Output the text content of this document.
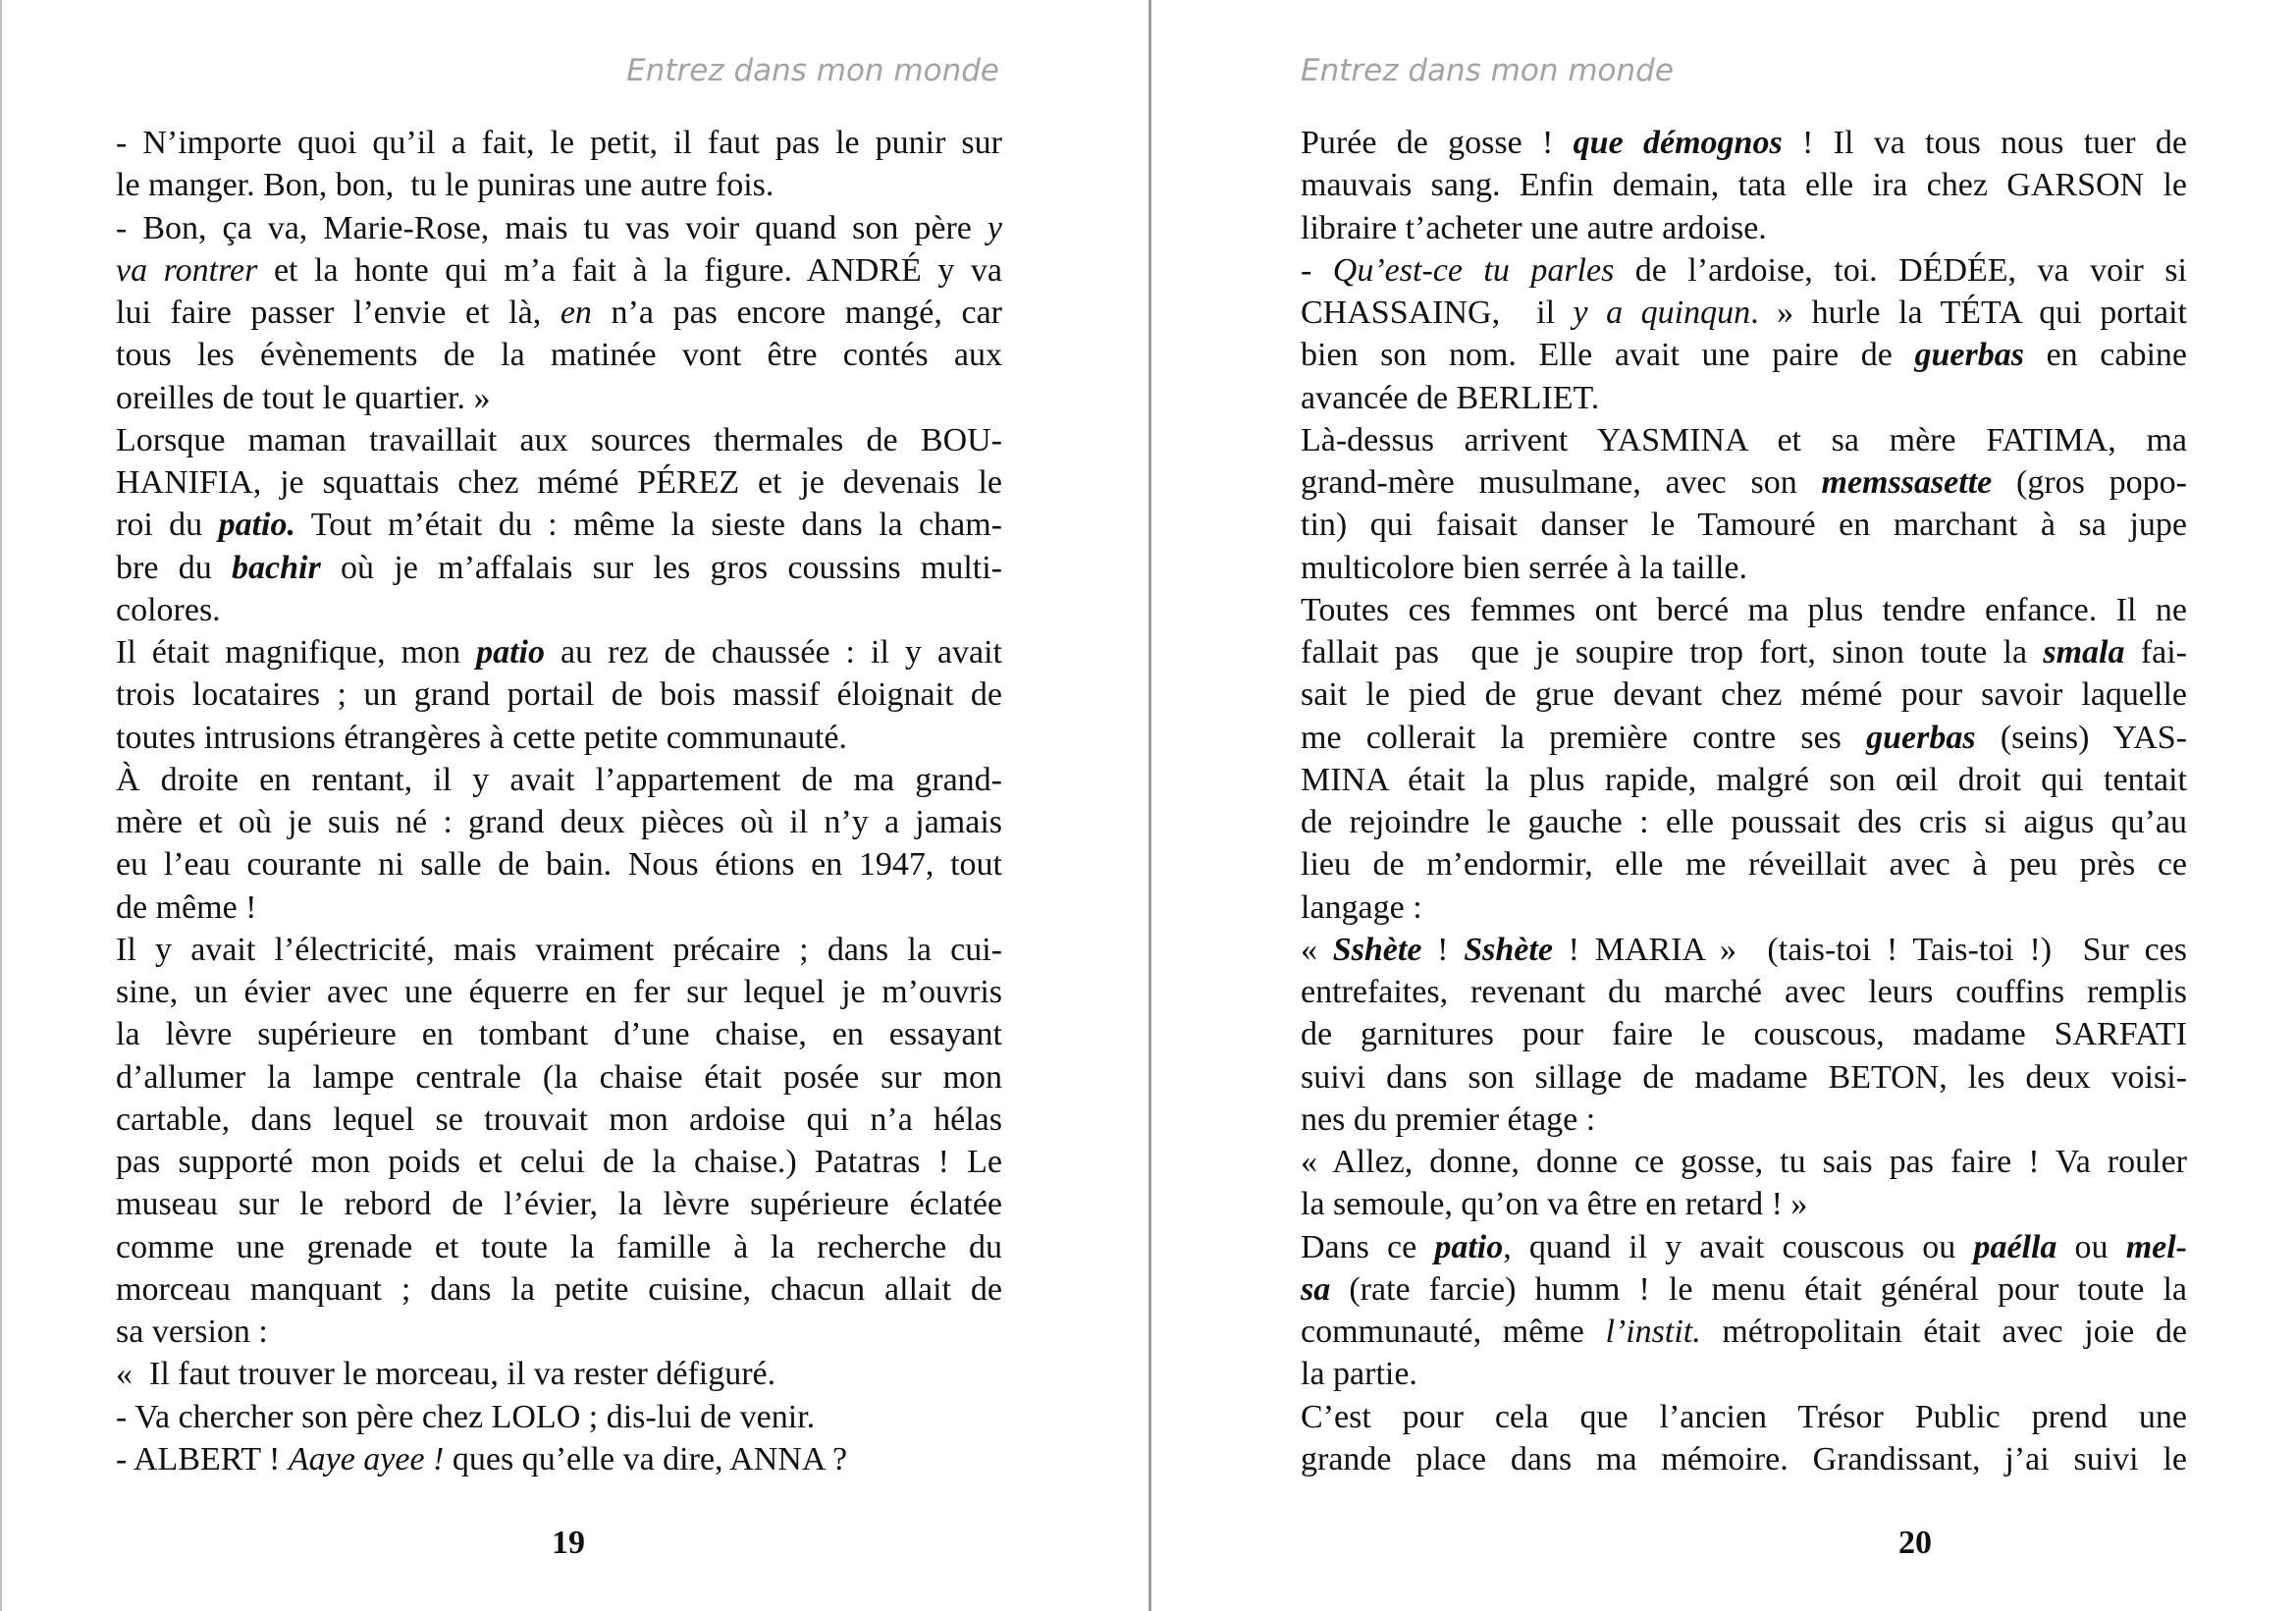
Entrez dans mon monde
- N’importe quoi qu’il a fait, le petit, il faut pas le punir sur
le manger. Bon, bon,  tu le puniras une autre fois.
- Bon, ça va, Marie-Rose, mais tu vas voir quand son père y
va rontrer et la honte qui m’a fait à la figure. ANDRÉ y va
lui faire passer l’envie et là, en n’a pas encore mangé, car
tous les évènements de la matinée vont être contés aux
oreilles de tout le quartier. »
Lorsque maman travaillait aux sources thermales de BOU-
HANIFIA, je squattais chez mémé PÉREZ et je devenais le
roi du patio. Tout m’était du : même la sieste dans la cham-
bre du bachir où je m’affalais sur les gros coussins multi-
colores.
Il était magnifique, mon patio au rez de chaussée : il y avait
trois locataires ; un grand portail de bois massif éloignait de
toutes intrusions étrangères à cette petite communauté.
À droite en rentant, il y avait l’appartement de ma grand-
mère et où je suis né : grand deux pièces où il n’y a jamais
eu l’eau courante ni salle de bain. Nous étions en 1947, tout
de même !
Il y avait l’électricité, mais vraiment précaire ; dans la cui-
sine, un évier avec une équerre en fer sur lequel je m’ouvris
la lèvre supérieure en tombant d’une chaise, en essayant
d’allumer la lampe centrale (la chaise était posée sur mon
cartable, dans lequel se trouvait mon ardoise qui n’a hélas
pas supporté mon poids et celui de la chaise.) Patatras ! Le
museau sur le rebord de l’évier, la lèvre supérieure éclatée
comme une grenade et toute la famille à la recherche du
morceau manquant ; dans la petite cuisine, chacun allait de
sa version :
«  Il faut trouver le morceau, il va rester défiguré.
- Va chercher son père chez LOLO ; dis-lui de venir.
- ALBERT ! Aaye ayee ! ques qu’elle va dire, ANNA ?
19
Entrez dans mon monde
Purée de gosse ! que démognos ! Il va tous nous tuer de
mauvais sang. Enfin demain, tata elle ira chez GARSON le
libraire t’acheter une autre ardoise.
- Qu’est-ce tu parles de l’ardoise, toi. DÉDÉE, va voir si
CHASSAING,  il y a quinqun. » hurle la TÉTA qui portait
bien son nom. Elle avait une paire de guerbas en cabine
avancée de BERLIET.
Là-dessus arrivent YASMINA et sa mère FATIMA, ma
grand-mère musulmane, avec son memssasette (gros popo-
tin) qui faisait danser le Tamouré en marchant à sa jupe
multicolore bien serrée à la taille.
Toutes ces femmes ont bercé ma plus tendre enfance. Il ne
fallait pas  que je soupire trop fort, sinon toute la smala fai-
sait le pied de grue devant chez mémé pour savoir laquelle
me collerait la première contre ses guerbas (seins) YAS-
MINA était la plus rapide, malgré son œil droit qui tentait
de rejoindre le gauche : elle poussait des cris si aigus qu’au
lieu de m’endormir, elle me réveillait avec à peu près ce
langage :
« Sshète ! Sshète ! MARIA »  (tais-toi ! Tais-toi !)  Sur ces
entrefaites, revenant du marché avec leurs couffins remplis
de garnitures pour faire le couscous, madame SARFATI
suivi dans son sillage de madame BETON, les deux voisi-
nes du premier étage :
« Allez, donne, donne ce gosse, tu sais pas faire ! Va rouler
la semoule, qu’on va être en retard ! »
Dans ce patio, quand il y avait couscous ou paélla ou mel-
sa (rate farcie) humm ! le menu était général pour toute la
communauté, même l’instit. métropolitain était avec joie de
la partie.
C’est pour cela que l’ancien Trésor Public prend une
grande place dans ma mémoire. Grandissant, j’ai suivi le
20
